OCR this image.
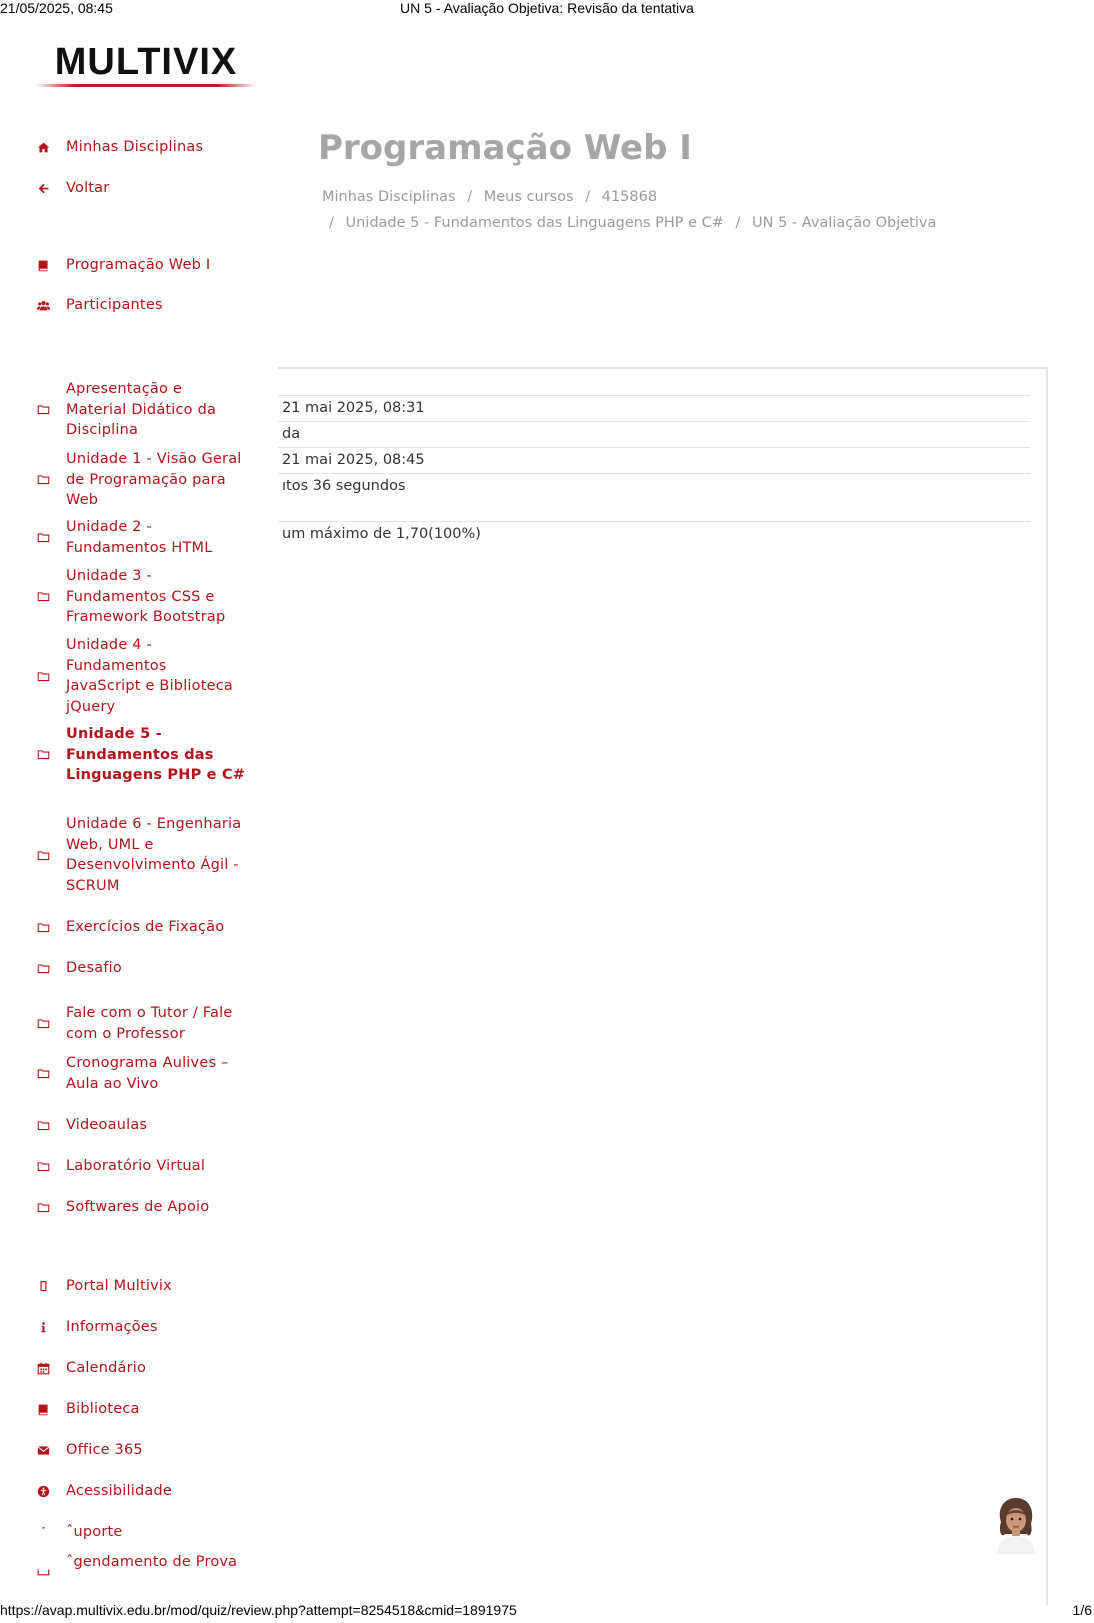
21/05/2025, 08:45	UN 5 - Avaliação Objetiva: Revisão da tentativa
MULTIVIX
Minhas Disciplinas
Voltar
Programação Web I
Participantes
Apresentação e Material Didático da Disciplina
Unidade 1 - Visão Geral de Programação para Web
Unidade 2 - Fundamentos HTML
Unidade 3 - Fundamentos CSS e Framework Bootstrap
Unidade 4 - Fundamentos JavaScript e Biblioteca jQuery
Unidade 5 - Fundamentos das Linguagens PHP e C#
Unidade 6 - Engenharia Web, UML e Desenvolvimento Ágil - SCRUM
Exercícios de Fixação
Desafio
Fale com o Tutor / Fale com o Professor
Cronograma Aulives – Aula ao Vivo
Videoaulas
Laboratório Virtual
Softwares de Apoio
Portal Multivix
Informações
Calendário
Biblioteca
Office 365
Acessibilidade
ˆuporte
ˆgendamento de Prova
Programação Web I
Minhas Disciplinas / Meus cursos / 415868
/ Unidade 5 - Fundamentos das Linguagens PHP e C# / UN 5 - Avaliação Objetiva
21 mai 2025, 08:31
da
21 mai 2025, 08:45
ıtos 36 segundos
um máximo de 1,70(100%)
https://avap.multivix.edu.br/mod/quiz/review.php?attempt=8254518&cmid=1891975	1/6
